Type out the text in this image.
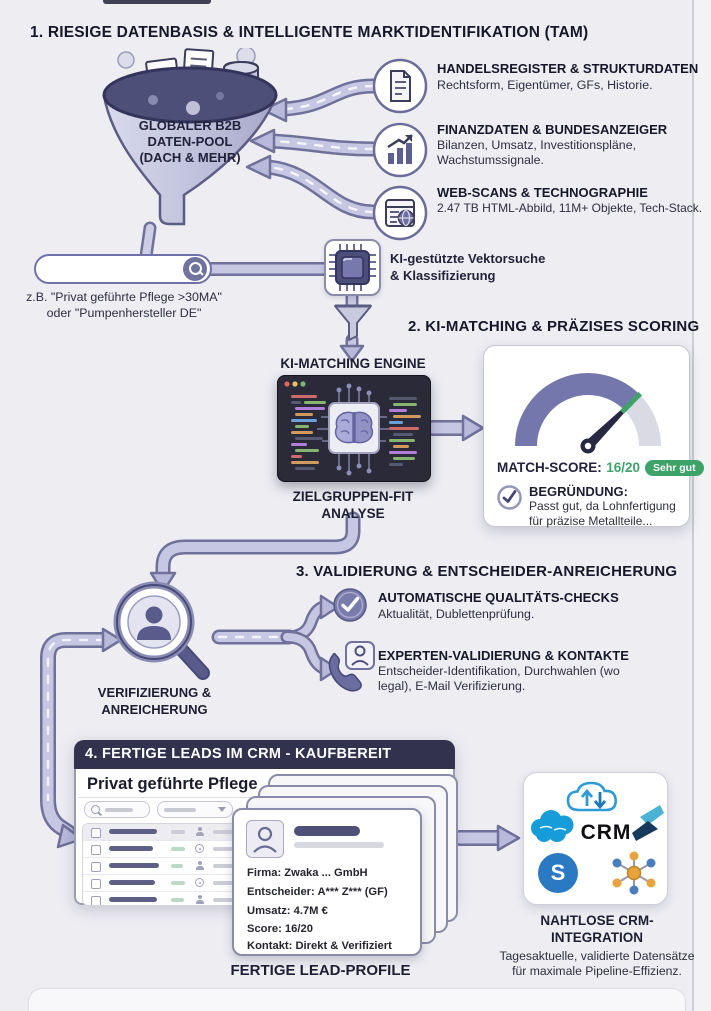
1. RIESIGE DATENBASIS & INTELLIGENTE MARKTIDENTIFIKATION (TAM)
GLOBALER B2B
DATEN-POOL
(DACH & MEHR)
HANDELSREGISTER & STRUKTURDATEN
Rechtsform, Eigentümer, GFs, Historie.
FINANZDATEN & BUNDESANZEIGER
Bilanzen, Umsatz, Investitionspläne, Wachstumssignale.
WEB-SCANS & TECHNOGRAPHIE
2.47 TB HTML-Abbild, 11M+ Objekte, Tech-Stack.
z.B. "Privat geführte Pflege >30MA"
oder "Pumpenhersteller DE"
KI-gestützte Vektorsuche
& Klassifizierung
2. KI-MATCHING & PRÄZISES SCORING
KI-MATCHING ENGINE
ZIELGRUPPEN-FIT
ANALYSE
MATCH-SCORE: 16/20 Sehr gut
BEGRÜNDUNG:
Passt gut, da Lohnfertigung für präzise Metallteile...
3. VALIDIERUNG & ENTSCHEIDER-ANREICHERUNG
VERIFIZIERUNG &
ANREICHERUNG
AUTOMATISCHE QUALITÄTS-CHECKS
Aktualität, Dublettenprüfung.
EXPERTEN-VALIDIERUNG & KONTAKTE
Entscheider-Identifikation, Durchwahlen (wo legal), E-Mail Verifizierung.
4. FERTIGE LEADS IM CRM - KAUFBEREIT
Privat geführte Pflege
Firma: Zwaka ... GmbH
Entscheider: A*** Z*** (GF)
Umsatz: 4.7M €
Score: 16/20
Kontakt: Direkt & Verifiziert
FERTIGE LEAD-PROFILE
CRM
S
NAHTLOSE CRM-INTEGRATION
Tagesaktuelle, validierte Datensätze für maximale Pipeline-Effizienz.
